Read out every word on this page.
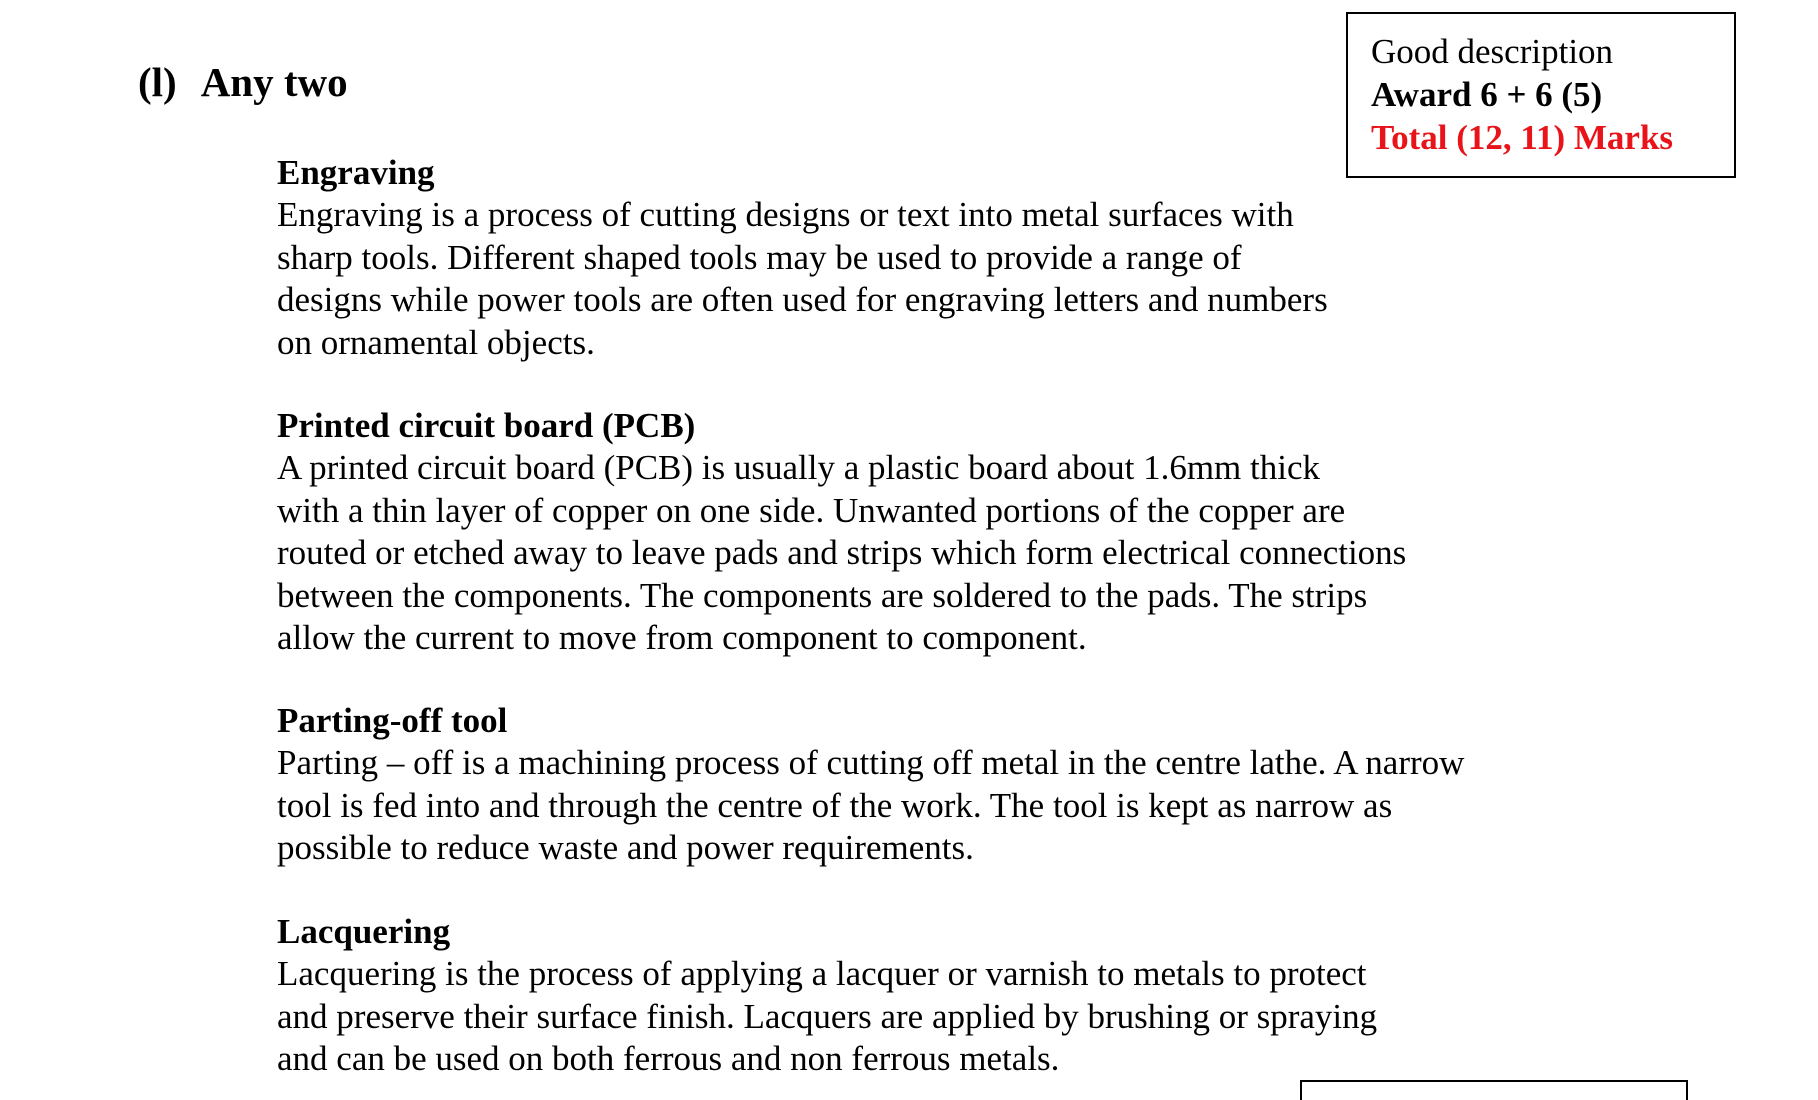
(l) Any two
Good description
Award 6 + 6 (5)
Total (12, 11) Marks
Engraving
Engraving is a process of cutting designs or text into metal surfaces with
sharp tools. Different shaped tools may be used to provide a range of
designs while power tools are often used for engraving letters and numbers
on ornamental objects.
Printed circuit board (PCB)
A printed circuit board (PCB) is usually a plastic board about 1.6mm thick
with a thin layer of copper on one side. Unwanted portions of the copper are
routed or etched away to leave pads and strips which form electrical connections
between the components. The components are soldered to the pads. The strips
allow the current to move from component to component.
Parting-off tool
Parting – off is a machining process of cutting off metal in the centre lathe. A narrow
tool is fed into and through the centre of the work. The tool is kept as narrow as
possible to reduce waste and power requirements.
Lacquering
Lacquering is the process of applying a lacquer or varnish to metals to protect
and preserve their surface finish. Lacquers are applied by brushing or spraying
and can be used on both ferrous and non ferrous metals.
